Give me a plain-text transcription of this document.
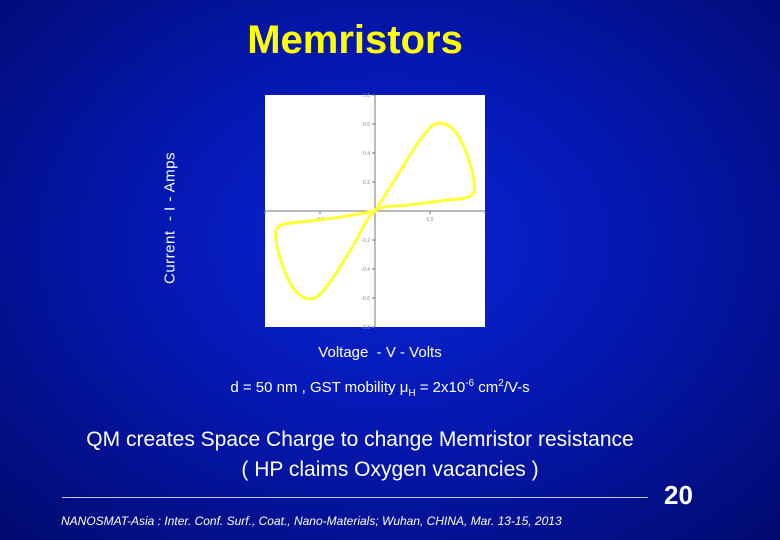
Memristors
-0.5	0.5
-0.8
-0.6
-0.4
-0.2
0.2
0.4
0.6
0.8
Current  - I - Amps
Voltage  - V - Volts
d = 50 nm , GST mobility $\mu_H = 2x10^{-6}$ $cm^2/V-s$
QM creates Space Charge to change Memristor resistance
( HP claims Oxygen vacancies )
20
NANOSMAT-Asia : Inter. Conf. Surf., Coat., Nano-Materials; Wuhan, CHINA, Mar. 13-15, 2013
